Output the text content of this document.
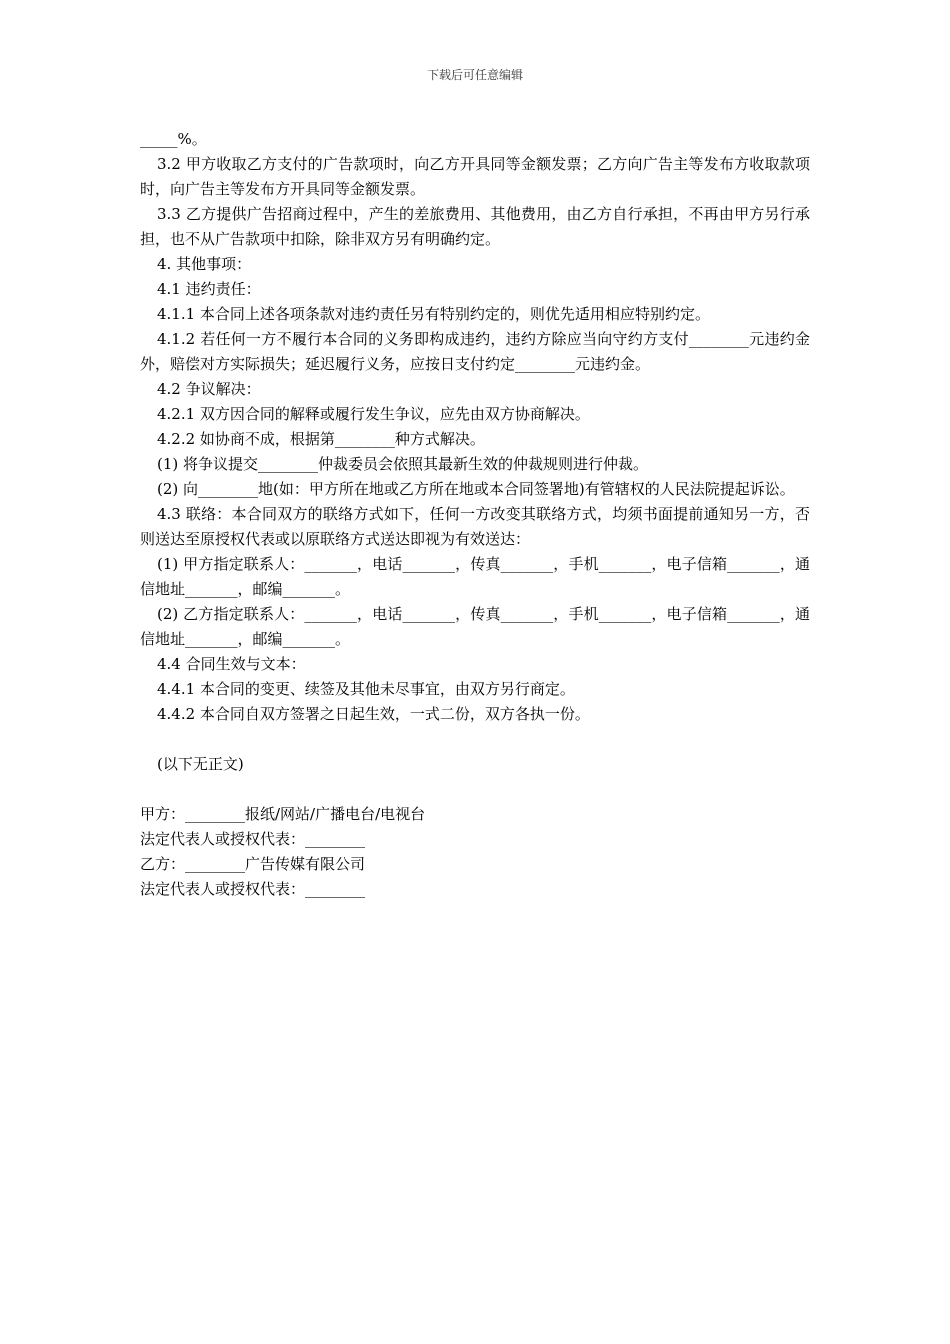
下载后可任意编辑

_____%。

3.2 甲方收取乙方支付的广告款项时，向乙方开具同等金额发票；乙方向广告主等发布方收取款项时，向广告主等发布方开具同等金额发票。

3.3 乙方提供广告招商过程中，产生的差旅费用、其他费用，由乙方自行承担，不再由甲方另行承担，也不从广告款项中扣除，除非双方另有明确约定。

4. 其他事项：

4.1 违约责任：

4.1.1 本合同上述各项条款对违约责任另有特别约定的，则优先适用相应特别约定。

4.1.2 若任何一方不履行本合同的义务即构成违约，违约方除应当向守约方支付________元违约金外，赔偿对方实际损失；延迟履行义务，应按日支付约定________元违约金。

4.2 争议解决：

4.2.1 双方因合同的解释或履行发生争议，应先由双方协商解决。

4.2.2 如协商不成，根据第________种方式解决。

(1) 将争议提交________仲裁委员会依照其最新生效的仲裁规则进行仲裁。

(2) 向________地(如：甲方所在地或乙方所在地或本合同签署地)有管辖权的人民法院提起诉讼。

4.3 联络：本合同双方的联络方式如下，任何一方改变其联络方式，均须书面提前通知另一方，否则送达至原授权代表或以原联络方式送达即视为有效送达：

(1) 甲方指定联系人：_______，电话_______，传真_______，手机_______，电子信箱_______，通信地址_______，邮编_______。

(2) 乙方指定联系人：_______，电话_______，传真_______，手机_______，电子信箱_______，通信地址_______，邮编_______。

4.4 合同生效与文本：

4.4.1 本合同的变更、续签及其他未尽事宜，由双方另行商定。

4.4.2 本合同自双方签署之日起生效，一式二份，双方各执一份。

(以下无正文)

甲方：________报纸/网站/广播电台/电视台

法定代表人或授权代表：________

乙方：________广告传媒有限公司

法定代表人或授权代表：________
